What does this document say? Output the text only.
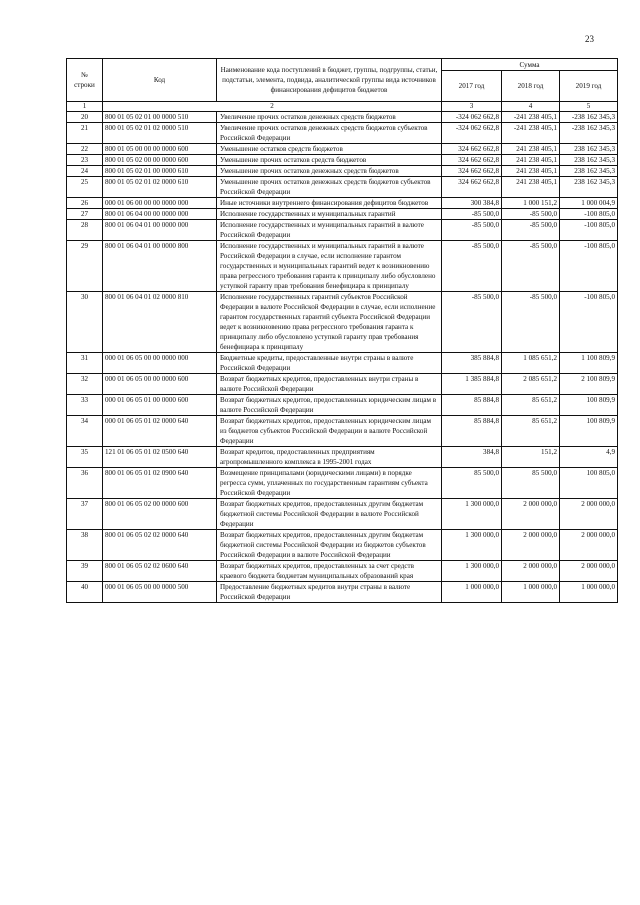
23
№
строки	Код	Наименование кода поступлений в бюджет, группы, подгруппы, статьи, подстатьи, элемента, подвида, аналитической группы вида источников финансирования дефицитов бюджетов	Сумма		
			2017 год	2018 год	2019 год
1	2		3	4	5
20	800 01 05 02 01 00 0000 510	Увеличение прочих остатков денежных средств бюджетов	-324 062 662,8	-241 238 405,1	-238 162 345,3
21	800 01 05 02 01 02 0000 510	Увеличение прочих остатков денежных средств бюджетов субъектов Российской Федерации	-324 062 662,8	-241 238 405,1	-238 162 345,3
22	800 01 05 00 00 00 0000 600	Уменьшение остатков средств бюджетов	324 662 662,8	241 238 405,1	238 162 345,3
23	800 01 05 02 00 00 0000 600	Уменьшение прочих остатков средств бюджетов	324 662 662,8	241 238 405,1	238 162 345,3
24	800 01 05 02 01 00 0000 610	Уменьшение прочих остатков денежных средств бюджетов	324 662 662,8	241 238 405,1	238 162 345,3
25	800 01 05 02 01 02 0000 610	Уменьшение прочих остатков денежных средств бюджетов субъектов Российской Федерации	324 662 662,8	241 238 405,1	238 162 345,3
26	000 01 06 00 00 00 0000 000	Иные источники внутреннего финансирования дефицитов бюджетов	300 384,8	1 000 151,2	1 000 004,9
27	800 01 06 04 00 00 0000 000	Исполнение государственных и муниципальных гарантий	-85 500,0	-85 500,0	-100 805,0
28	800 01 06 04 01 00 0000 000	Исполнение государственных и муниципальных гарантий в валюте Российской Федерации	-85 500,0	-85 500,0	-100 805,0
29	800 01 06 04 01 00 0000 800	Исполнение государственных и муниципальных гарантий в валюте Российской Федерации в случае, если исполнение гарантом государственных и муниципальных гарантий ведет к возникновению права регрессного требования гаранта к принципалу либо обусловлено уступкой гаранту прав требования бенефициара к принципалу	-85 500,0	-85 500,0	-100 805,0
30	800 01 06 04 01 02 0000 810	Исполнение государственных гарантий субъектов Российской Федерации в валюте Российской Федерации в случае, если исполнение гарантом государственных гарантий субъекта Российской Федерации ведет к возникновению права регрессного требования гаранта к принципалу либо обусловлено уступкой гаранту прав требования бенефициара к принципалу	-85 500,0	-85 500,0	-100 805,0
31	000 01 06 05 00 00 0000 000	Бюджетные кредиты, предоставленные внутри страны в валюте Российской Федерации	385 884,8	1 085 651,2	1 100 809,9
32	000 01 06 05 00 00 0000 600	Возврат бюджетных кредитов, предоставленных внутри страны в валюте Российской Федерации	1 385 884,8	2 085 651,2	2 100 809,9
33	000 01 06 05 01 00 0000 600	Возврат бюджетных кредитов, предоставленных юридическим лицам в валюте Российской Федерации	85 884,8	85 651,2	100 809,9
34	000 01 06 05 01 02 0000 640	Возврат бюджетных кредитов, предоставленных юридическим лицам из бюджетов субъектов Российской Федерации в валюте Российской Федерации	85 884,8	85 651,2	100 809,9
35	121 01 06 05 01 02 0500 640	Возврат кредитов, предоставленных предприятиям агропромышленного комплекса в 1995-2001 годах	384,8	151,2	4,9
36	800 01 06 05 01 02 0900 640	Возмещение принципалами (юридическими лицами) в порядке регресса сумм, уплаченных по государственным гарантиям субъекта Российской Федерации	85 500,0	85 500,0	100 805,0
37	800 01 06 05 02 00 0000 600	Возврат бюджетных кредитов, предоставленных другим бюджетам бюджетной системы Российской Федерации в валюте Российской Федерации	1 300 000,0	2 000 000,0	2 000 000,0
38	800 01 06 05 02 02 0000 640	Возврат бюджетных кредитов, предоставленных другим бюджетам бюджетной системы Российской Федерации из бюджетов субъектов Российской Федерации в валюте Российской Федерации	1 300 000,0	2 000 000,0	2 000 000,0
39	800 01 06 05 02 02 0600 640	Возврат бюджетных кредитов, предоставленных за счет средств краевого бюджета бюджетам муниципальных образований края	1 300 000,0	2 000 000,0	2 000 000,0
40	000 01 06 05 00 00 0000 500	Предоставление бюджетных кредитов внутри страны в валюте Российской Федерации	1 000 000,0	1 000 000,0	1 000 000,0
